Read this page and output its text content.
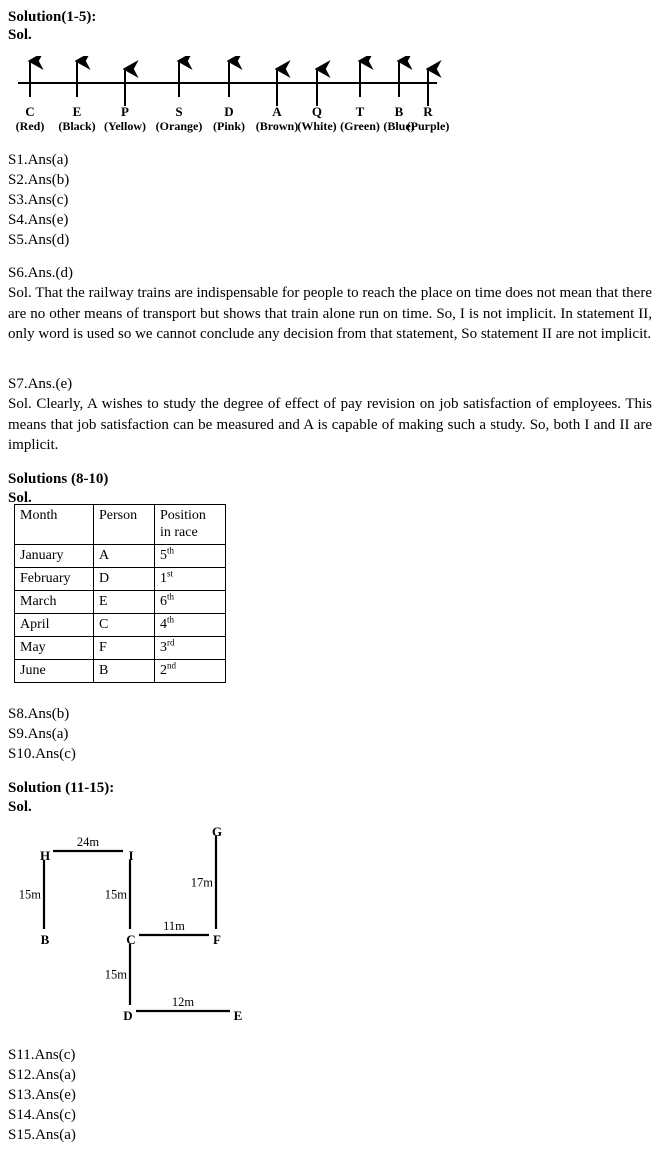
Solution(1-5):
Sol.
C
(Red)
E
(Black)
P
(Yellow)
S
(Orange)
D
(Pink)
A
(Brown)
Q
(White)
T
(Green)
B
(Blue)
R
(Purple)
S1.Ans(a)
S2.Ans(b)
S3.Ans(c)
S4.Ans(e)
S5.Ans(d)
S6.Ans.(d)
Sol. That the railway trains are indispensable for people to reach the place on time does not mean that there are no other means of transport but shows that train alone run on time. So, I is not implicit. In statement II, only word is used so we cannot conclude any decision from that statement, So statement II are not implicit.
S7.Ans.(e)
Sol. Clearly, A wishes to study the degree of effect of pay revision on job satisfaction of employees. This means that job satisfaction can be measured and A is capable of making such a study. So, both I and II are implicit.
Solutions (8-10)
Sol.
Month	Person	Position
in race

January	A	5th
February	D	1st
March	E	6th
April	C	4th
May	F	3rd
June	B	2nd
S8.Ans(b)
S9.Ans(a)
S10.Ans(c)
Solution (11-15):
Sol.
24m
15m	15m
11m
17m
15m
12m
H	I
B	C
G
F
D	E
S11.Ans(c)
S12.Ans(a)
S13.Ans(e)
S14.Ans(c)
S15.Ans(a)
